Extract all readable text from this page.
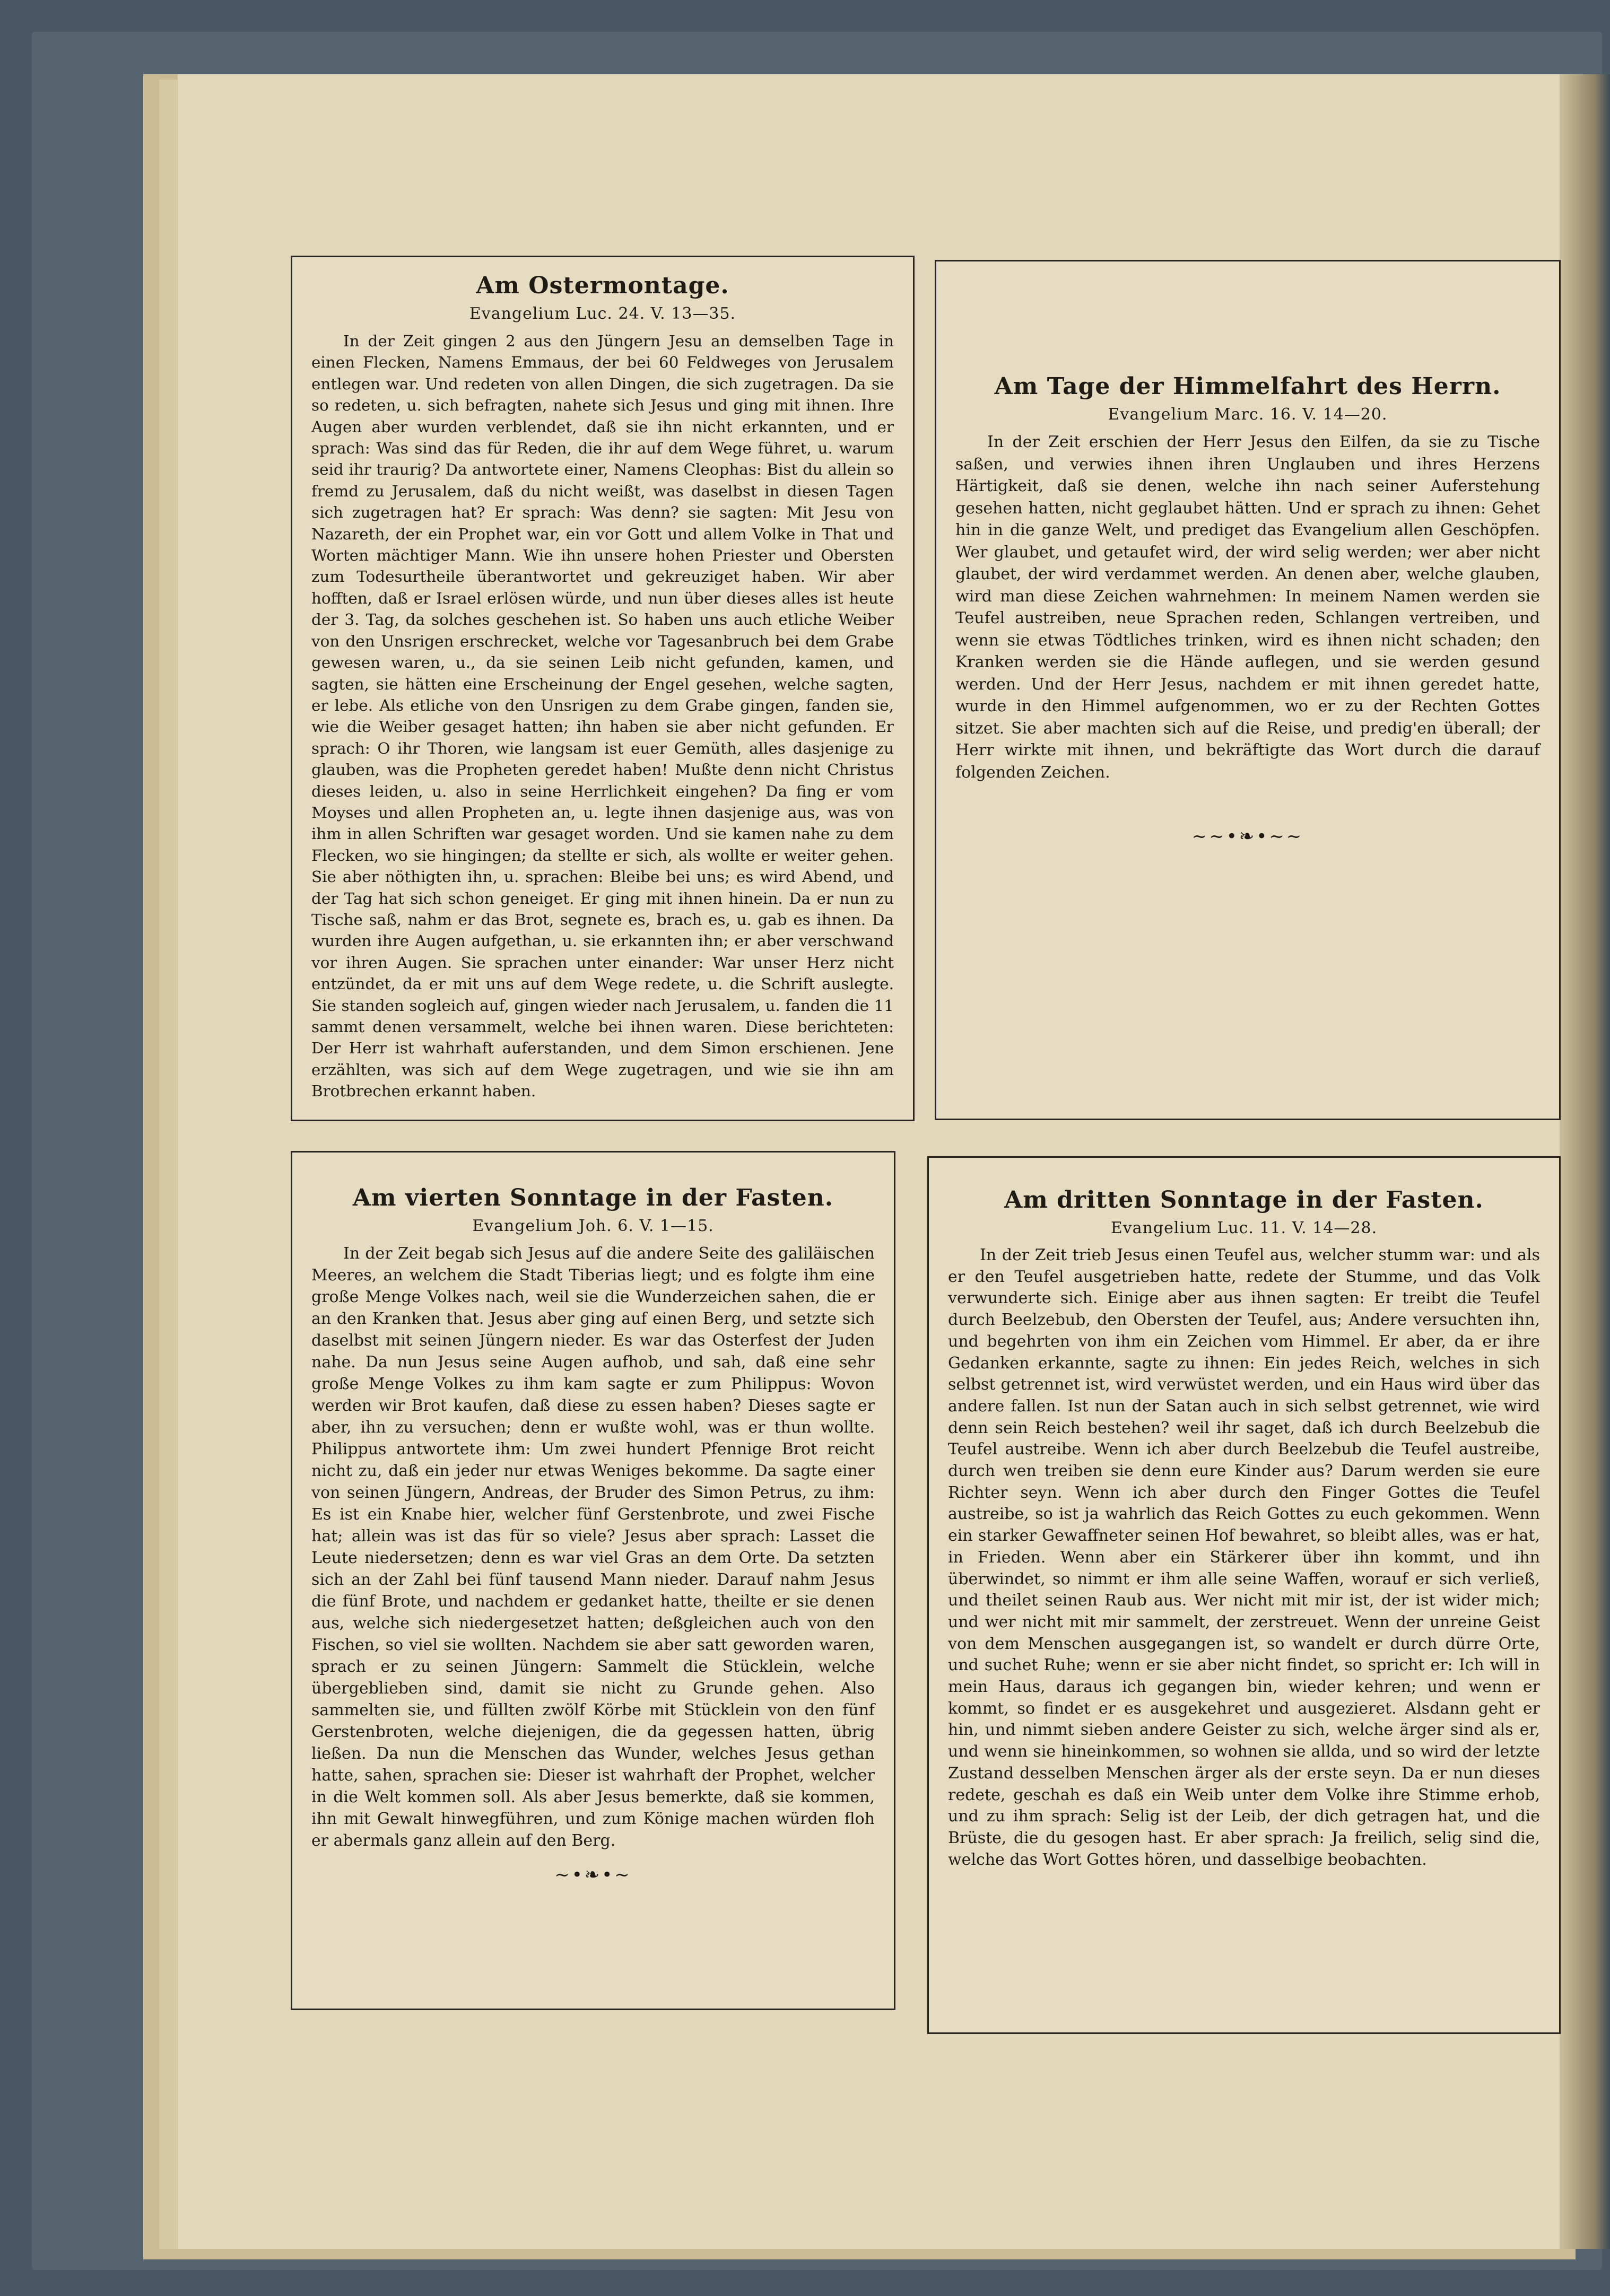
Am Ostermontage.
Evangelium Luc. 24. V. 13—35.

In der Zeit gingen 2 aus den Jüngern Jesu an demselben Tage in einen Flecken, Namens Emmaus, der bei 60 Feldweges von Jerusalem entlegen war. Und redeten von allen Dingen, die sich zugetragen. Da sie so redeten, u. sich befragten, nahete sich Jesus und ging mit ihnen. Ihre Augen aber wurden verblendet, daß sie ihn nicht erkannten, und er sprach: Was sind das für Reden, die ihr auf dem Wege führet, u. warum seid ihr traurig? Da antwortete einer, Namens Cleophas: Bist du allein so fremd zu Jerusalem, daß du nicht weißt, was daselbst in diesen Tagen sich zugetragen hat? Er sprach: Was denn? sie sagten: Mit Jesu von Nazareth, der ein Prophet war, ein vor Gott und allem Volke in That und Worten mächtiger Mann. Wie ihn unsere hohen Priester und Obersten zum Todesurtheile überantwortet und gekreuziget haben. Wir aber hofften, daß er Israel erlösen würde, und nun über dieses alles ist heute der 3. Tag, da solches geschehen ist. So haben uns auch etliche Weiber von den Unsrigen erschrecket, welche vor Tagesanbruch bei dem Grabe gewesen waren, u., da sie seinen Leib nicht gefunden, kamen, und sagten, sie hätten eine Erscheinung der Engel gesehen, welche sagten, er lebe. Als etliche von den Unsrigen zu dem Grabe gingen, fanden sie, wie die Weiber gesaget hatten; ihn haben sie aber nicht gefunden. Er sprach: O ihr Thoren, wie langsam ist euer Gemüth, alles dasjenige zu glauben, was die Propheten geredet haben! Mußte denn nicht Christus dieses leiden, u. also in seine Herrlichkeit eingehen? Da fing er vom Moyses und allen Propheten an, u. legte ihnen dasjenige aus, was von ihm in allen Schriften war gesaget worden. Und sie kamen nahe zu dem Flecken, wo sie hingingen; da stellte er sich, als wollte er weiter gehen. Sie aber nöthigten ihn, u. sprachen: Bleibe bei uns; es wird Abend, und der Tag hat sich schon geneiget. Er ging mit ihnen hinein. Da er nun zu Tische saß, nahm er das Brot, segnete es, brach es, u. gab es ihnen. Da wurden ihre Augen aufgethan, u. sie erkannten ihn; er aber verschwand vor ihren Augen. Sie sprachen unter einander: War unser Herz nicht entzündet, da er mit uns auf dem Wege redete, u. die Schrift auslegte. Sie standen sogleich auf, gingen wieder nach Jerusalem, u. fanden die 11 sammt denen versammelt, welche bei ihnen waren. Diese berichteten: Der Herr ist wahrhaft auferstanden, und dem Simon erschienen. Jene erzählten, was sich auf dem Wege zugetragen, und wie sie ihn am Brotbrechen erkannt haben.

Am Tage der Himmelfahrt des Herrn.
Evangelium Marc. 16. V. 14—20.

In der Zeit erschien der Herr Jesus den Eilfen, da sie zu Tische saßen, und verwies ihnen ihren Unglauben und ihres Herzens Härtigkeit, daß sie denen, welche ihn nach seiner Auferstehung gesehen hatten, nicht geglaubet hätten. Und er sprach zu ihnen: Gehet hin in die ganze Welt, und prediget das Evangelium allen Geschöpfen. Wer glaubet, und getaufet wird, der wird selig werden; wer aber nicht glaubet, der wird verdammet werden. An denen aber, welche glauben, wird man diese Zeichen wahrnehmen: In meinem Namen werden sie Teufel austreiben, neue Sprachen reden, Schlangen vertreiben, und wenn sie etwas Tödtliches trinken, wird es ihnen nicht schaden; den Kranken werden sie die Hände auflegen, und sie werden gesund werden. Und der Herr Jesus, nachdem er mit ihnen geredet hatte, wurde in den Himmel aufgenommen, wo er zu der Rechten Gottes sitzet. Sie aber machten sich auf die Reise, und predig'en überall; der Herr wirkte mit ihnen, und bekräftigte das Wort durch die darauf folgenden Zeichen.

~~•❧•~~
Am vierten Sonntage in der Fasten.
Evangelium Joh. 6. V. 1—15.

In der Zeit begab sich Jesus auf die andere Seite des galiläischen Meeres, an welchem die Stadt Tiberias liegt; und es folgte ihm eine große Menge Volkes nach, weil sie die Wunderzeichen sahen, die er an den Kranken that. Jesus aber ging auf einen Berg, und setzte sich daselbst mit seinen Jüngern nieder. Es war das Osterfest der Juden nahe. Da nun Jesus seine Augen aufhob, und sah, daß eine sehr große Menge Volkes zu ihm kam sagte er zum Philippus: Wovon werden wir Brot kaufen, daß diese zu essen haben? Dieses sagte er aber, ihn zu versuchen; denn er wußte wohl, was er thun wollte. Philippus antwortete ihm: Um zwei hundert Pfennige Brot reicht nicht zu, daß ein jeder nur etwas Weniges bekomme. Da sagte einer von seinen Jüngern, Andreas, der Bruder des Simon Petrus, zu ihm: Es ist ein Knabe hier, welcher fünf Gerstenbrote, und zwei Fische hat; allein was ist das für so viele? Jesus aber sprach: Lasset die Leute niedersetzen; denn es war viel Gras an dem Orte. Da setzten sich an der Zahl bei fünf tausend Mann nieder. Darauf nahm Jesus die fünf Brote, und nachdem er gedanket hatte, theilte er sie denen aus, welche sich niedergesetzet hatten; deßgleichen auch von den Fischen, so viel sie wollten. Nachdem sie aber satt geworden waren, sprach er zu seinen Jüngern: Sammelt die Stücklein, welche übergeblieben sind, damit sie nicht zu Grunde gehen. Also sammelten sie, und füllten zwölf Körbe mit Stücklein von den fünf Gerstenbroten, welche diejenigen, die da gegessen hatten, übrig ließen. Da nun die Menschen das Wunder, welches Jesus gethan hatte, sahen, sprachen sie: Dieser ist wahrhaft der Prophet, welcher in die Welt kommen soll. Als aber Jesus bemerkte, daß sie kommen, ihn mit Gewalt hinwegführen, und zum Könige machen würden floh er abermals ganz allein auf den Berg.

~•❧•~
Am dritten Sonntage in der Fasten.
Evangelium Luc. 11. V. 14—28.

In der Zeit trieb Jesus einen Teufel aus, welcher stumm war: und als er den Teufel ausgetrieben hatte, redete der Stumme, und das Volk verwunderte sich. Einige aber aus ihnen sagten: Er treibt die Teufel durch Beelzebub, den Obersten der Teufel, aus; Andere versuchten ihn, und begehrten von ihm ein Zeichen vom Himmel. Er aber, da er ihre Gedanken erkannte, sagte zu ihnen: Ein jedes Reich, welches in sich selbst getrennet ist, wird verwüstet werden, und ein Haus wird über das andere fallen. Ist nun der Satan auch in sich selbst getrennet, wie wird denn sein Reich bestehen? weil ihr saget, daß ich durch Beelzebub die Teufel austreibe. Wenn ich aber durch Beelzebub die Teufel austreibe, durch wen treiben sie denn eure Kinder aus? Darum werden sie eure Richter seyn. Wenn ich aber durch den Finger Gottes die Teufel austreibe, so ist ja wahrlich das Reich Gottes zu euch gekommen. Wenn ein starker Gewaffneter seinen Hof bewahret, so bleibt alles, was er hat, in Frieden. Wenn aber ein Stärkerer über ihn kommt, und ihn überwindet, so nimmt er ihm alle seine Waffen, worauf er sich verließ, und theilet seinen Raub aus. Wer nicht mit mir ist, der ist wider mich; und wer nicht mit mir sammelt, der zerstreuet. Wenn der unreine Geist von dem Menschen ausgegangen ist, so wandelt er durch dürre Orte, und suchet Ruhe; wenn er sie aber nicht findet, so spricht er: Ich will in mein Haus, daraus ich gegangen bin, wieder kehren; und wenn er kommt, so findet er es ausgekehret und ausgezieret. Alsdann geht er hin, und nimmt sieben andere Geister zu sich, welche ärger sind als er, und wenn sie hineinkommen, so wohnen sie allda, und so wird der letzte Zustand desselben Menschen ärger als der erste seyn. Da er nun dieses redete, geschah es daß ein Weib unter dem Volke ihre Stimme erhob, und zu ihm sprach: Selig ist der Leib, der dich getragen hat, und die Brüste, die du gesogen hast. Er aber sprach: Ja freilich, selig sind die, welche das Wort Gottes hören, und dasselbige beobachten.
